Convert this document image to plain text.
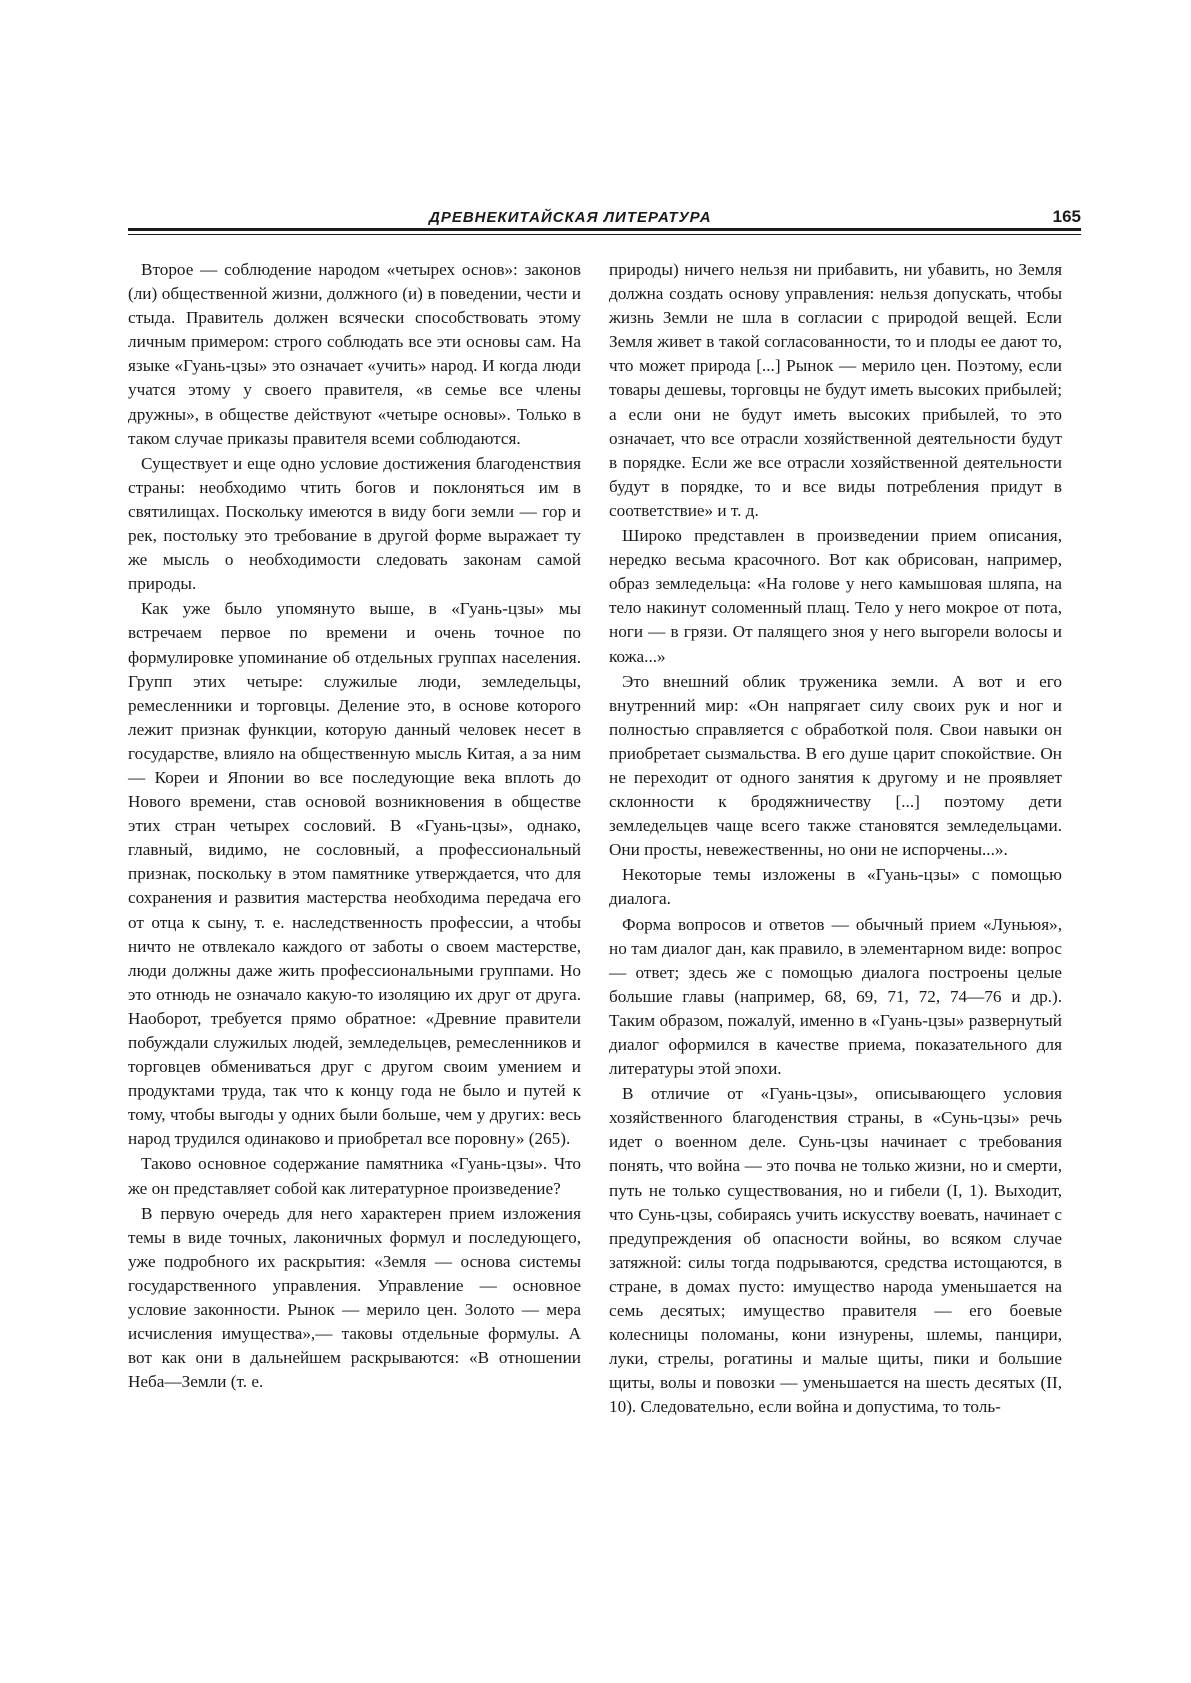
ДРЕВНЕКИТАЙСКАЯ ЛИТЕРАТУРА	165

Второе — соблюдение народом «четырех основ»: законов (ли) общественной жизни, должного (и) в поведении, чести и стыда. Правитель должен всячески способствовать этому личным примером: строго соблюдать все эти основы сам. На языке «Гуань-цзы» это означает «учить» народ. И когда люди учатся этому у своего правителя, «в семье все члены дружны», в обществе действуют «четыре основы». Только в таком случае приказы правителя всеми соблюдаются.

Существует и еще одно условие достижения благоденствия страны: необходимо чтить богов и поклоняться им в святилищах. Поскольку имеются в виду боги земли — гор и рек, постольку это требование в другой форме выражает ту же мысль о необходимости следовать законам самой природы.

Как уже было упомянуто выше, в «Гуань-цзы» мы встречаем первое по времени и очень точное по формулировке упоминание об отдельных группах населения. Групп этих четыре: служилые люди, земледельцы, ремесленники и торговцы. Деление это, в основе которого лежит признак функции, которую данный человек несет в государстве, влияло на общественную мысль Китая, а за ним — Кореи и Японии во все последующие века вплоть до Нового времени, став основой возникновения в обществе этих стран четырех сословий. В «Гуань-цзы», однако, главный, видимо, не сословный, а профессиональный признак, поскольку в этом памятнике утверждается, что для сохранения и развития мастерства необходима передача его от отца к сыну, т. е. наследственность профессии, а чтобы ничто не отвлекало каждого от заботы о своем мастерстве, люди должны даже жить профессиональными группами. Но это отнюдь не означало какую-то изоляцию их друг от друга. Наоборот, требуется прямо обратное: «Древние правители побуждали служилых людей, земледельцев, ремесленников и торговцев обмениваться друг с другом своим умением и продуктами труда, так что к концу года не было и путей к тому, чтобы выгоды у одних были больше, чем у других: весь народ трудился одинаково и приобретал все поровну» (265).

Таково основное содержание памятника «Гуань-цзы». Что же он представляет собой как литературное произведение?

В первую очередь для него характерен прием изложения темы в виде точных, лаконичных формул и последующего, уже подробного их раскрытия: «Земля — основа системы государственного управления. Управление — основное условие законности. Рынок — мерило цен. Золото — мера исчисления имущества»,— таковы отдельные формулы. А вот как они в дальнейшем раскрываются: «В отношении Неба—Земли (т. е.

природы) ничего нельзя ни прибавить, ни убавить, но Земля должна создать основу управления: нельзя допускать, чтобы жизнь Земли не шла в согласии с природой вещей. Если Земля живет в такой согласованности, то и плоды ее дают то, что может природа [...] Рынок — мерило цен. Поэтому, если товары дешевы, торговцы не будут иметь высоких прибылей; а если они не будут иметь высоких прибылей, то это означает, что все отрасли хозяйственной деятельности будут в порядке. Если же все отрасли хозяйственной деятельности будут в порядке, то и все виды потребления придут в соответствие» и т. д.

Широко представлен в произведении прием описания, нередко весьма красочного. Вот как обрисован, например, образ земледельца: «На голове у него камышовая шляпа, на тело накинут соломенный плащ. Тело у него мокрое от пота, ноги — в грязи. От палящего зноя у него выгорели волосы и кожа...»

Это внешний облик труженика земли. А вот и его внутренний мир: «Он напрягает силу своих рук и ног и полностью справляется с обработкой поля. Свои навыки он приобретает сызмальства. В его душе царит спокойствие. Он не переходит от одного занятия к другому и не проявляет склонности к бродяжничеству [...] поэтому дети земледельцев чаще всего также становятся земледельцами. Они просты, невежественны, но они не испорчены...».

Некоторые темы изложены в «Гуань-цзы» с помощью диалога.

Форма вопросов и ответов — обычный прием «Луньюя», но там диалог дан, как правило, в элементарном виде: вопрос — ответ; здесь же с помощью диалога построены целые большие главы (например, 68, 69, 71, 72, 74—76 и др.). Таким образом, пожалуй, именно в «Гуань-цзы» развернутый диалог оформился в качестве приема, показательного для литературы этой эпохи.

В отличие от «Гуань-цзы», описывающего условия хозяйственного благоденствия страны, в «Сунь-цзы» речь идет о военном деле. Сунь-цзы начинает с требования понять, что война — это почва не только жизни, но и смерти, путь не только существования, но и гибели (I, 1). Выходит, что Сунь-цзы, собираясь учить искусству воевать, начинает с предупреждения об опасности войны, во всяком случае затяжной: силы тогда подрываются, средства истощаются, в стране, в домах пусто: имущество народа уменьшается на семь десятых; имущество правителя — его боевые колесницы поломаны, кони изнурены, шлемы, панцири, луки, стрелы, рогатины и малые щиты, пики и большие щиты, волы и повозки — уменьшается на шесть десятых (II, 10). Следовательно, если война и допустима, то толь-
